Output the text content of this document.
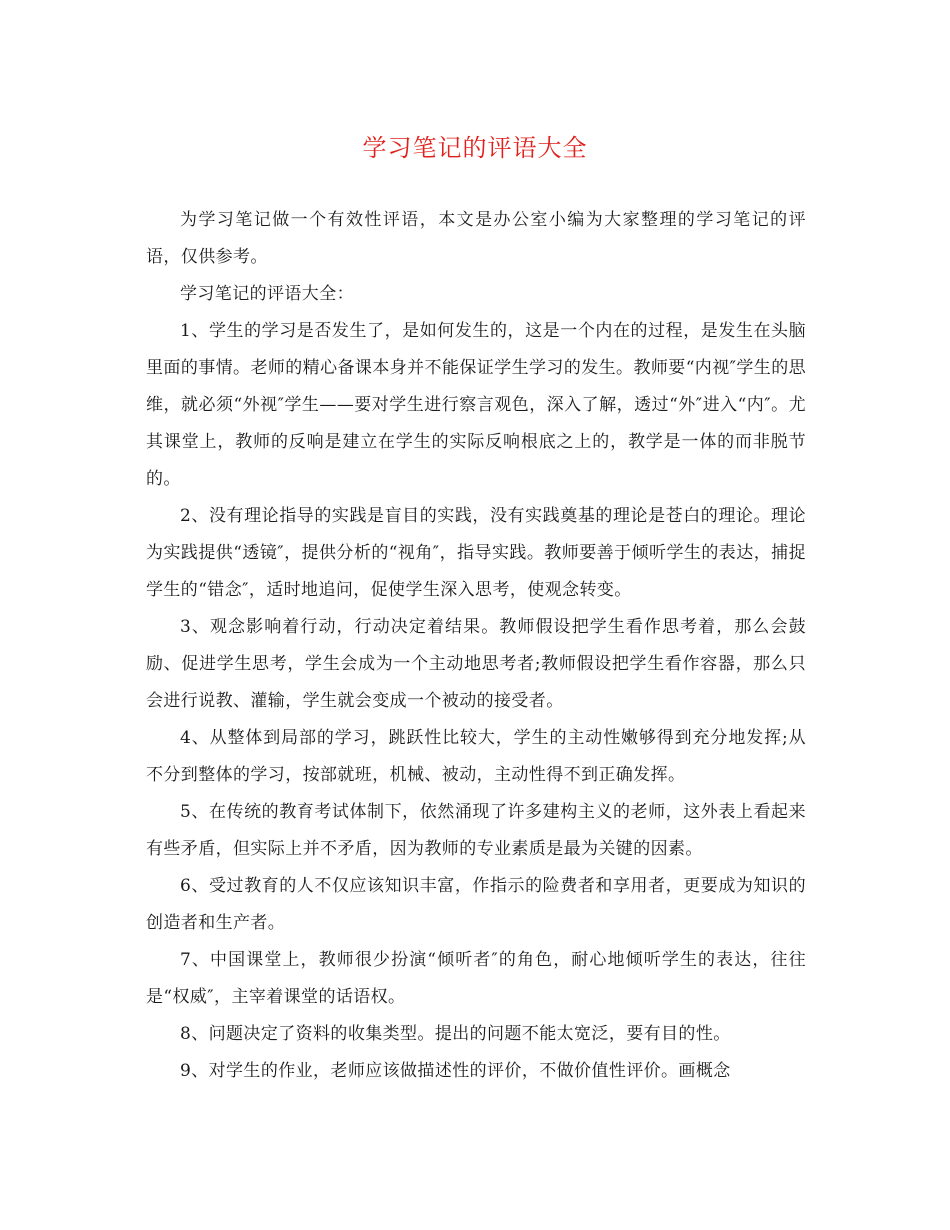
学习笔记的评语大全

为学习笔记做一个有效性评语，本文是办公室小编为大家整理的学习笔记的评语，仅供参考。

学习笔记的评语大全：

1、学生的学习是否发生了，是如何发生的，这是一个内在的过程，是发生在头脑里面的事情。老师的精心备课本身并不能保证学生学习的发生。教师要“内视″学生的思维，就必须“外视″学生——要对学生进行察言观色，深入了解，透过“外″进入“内″。尤其课堂上，教师的反响是建立在学生的实际反响根底之上的，教学是一体的而非脱节的。

2、没有理论指导的实践是盲目的实践，没有实践奠基的理论是苍白的理论。理论为实践提供“透镜″，提供分析的“视角″，指导实践。教师要善于倾听学生的表达，捕捉学生的“错念″，适时地追问，促使学生深入思考，使观念转变。

3、观念影响着行动，行动决定着结果。教师假设把学生看作思考着，那么会鼓励、促进学生思考，学生会成为一个主动地思考者;教师假设把学生看作容器，那么只会进行说教、灌输，学生就会变成一个被动的接受者。

4、从整体到局部的学习，跳跃性比较大，学生的主动性嫩够得到充分地发挥;从不分到整体的学习，按部就班，机械、被动，主动性得不到正确发挥。

5、在传统的教育考试体制下，依然涌现了许多建构主义的老师，这外表上看起来有些矛盾，但实际上并不矛盾，因为教师的专业素质是最为关键的因素。

6、受过教育的人不仅应该知识丰富，作指示的险费者和享用者，更要成为知识的创造者和生产者。

7、中国课堂上，教师很少扮演“倾听者″的角色，耐心地倾听学生的表达，往往是“权威″，主宰着课堂的话语权。

8、问题决定了资料的收集类型。提出的问题不能太宽泛，要有目的性。

9、对学生的作业，老师应该做描述性的评价，不做价值性评价。画概念
